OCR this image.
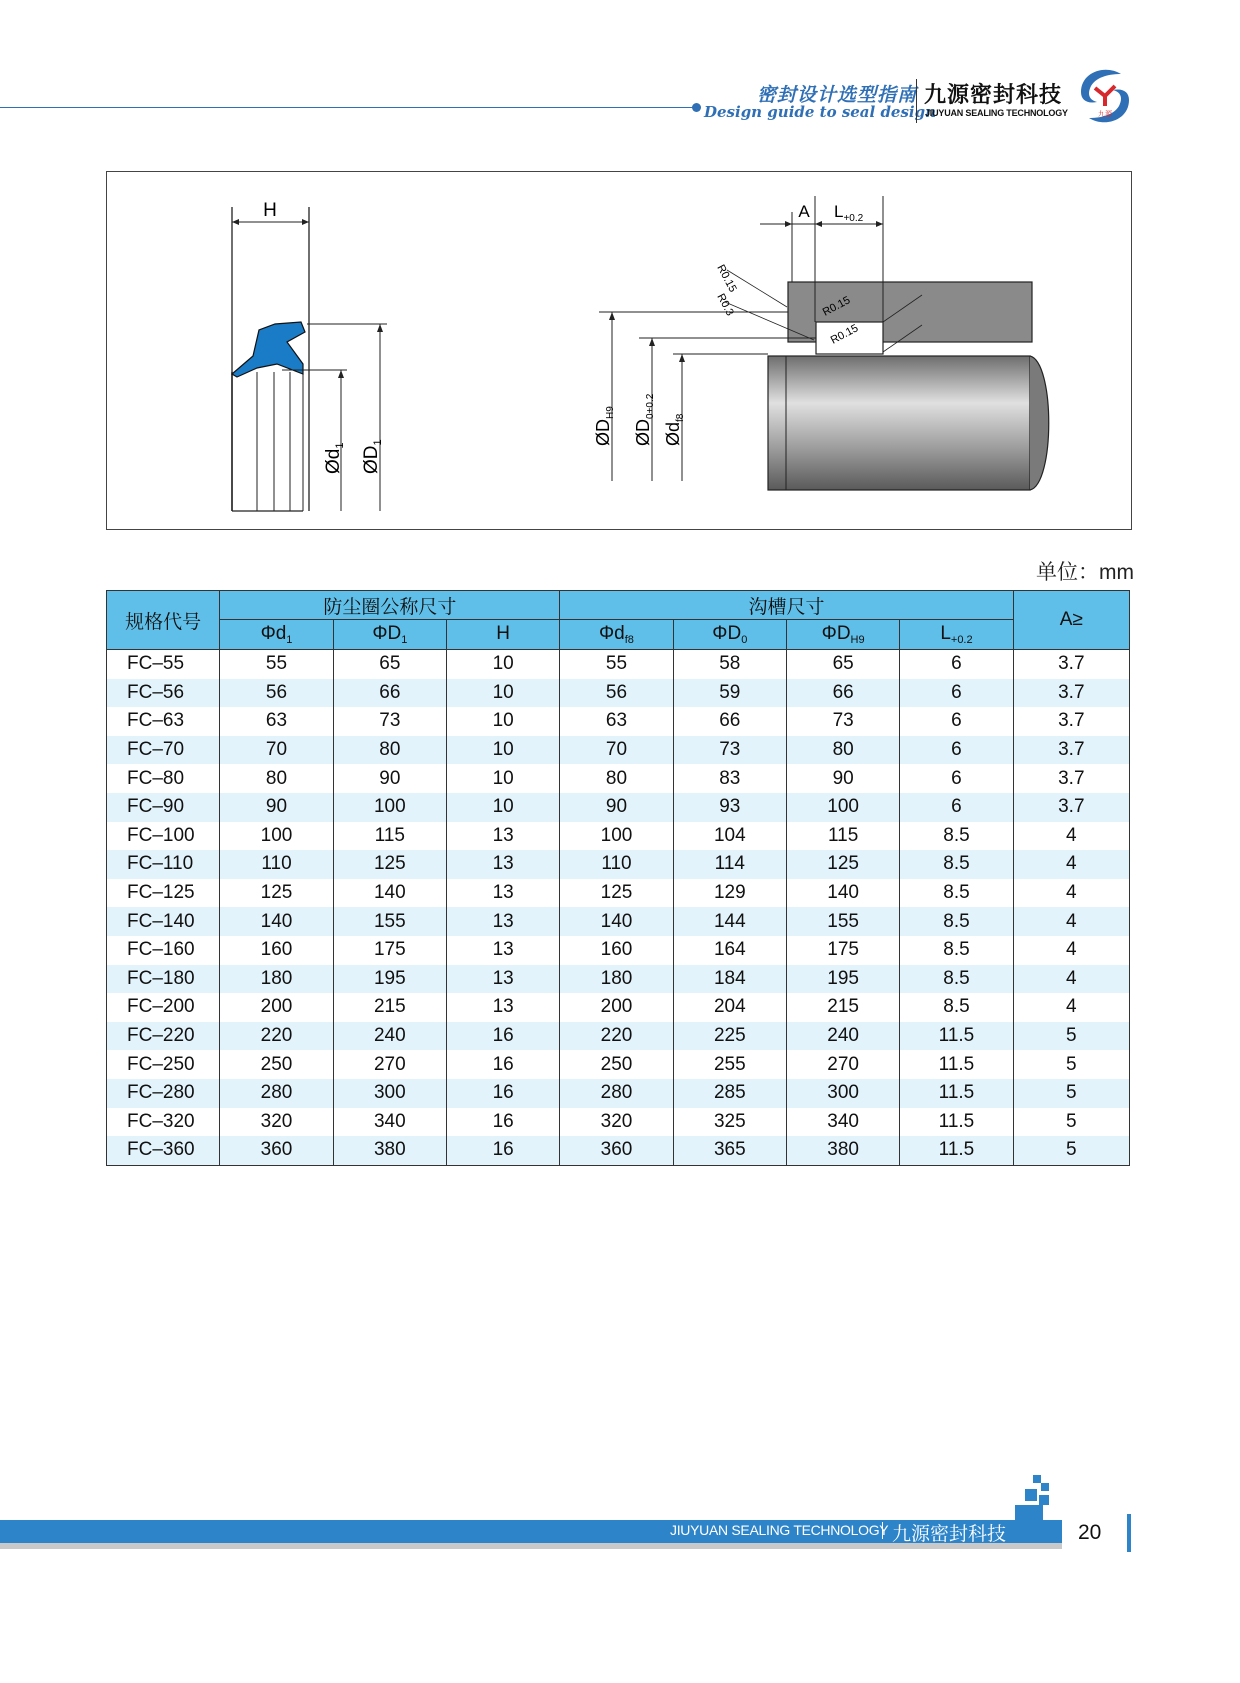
密封设计选型指南
Design guide to seal design
九源密封科技
JIUYUAN SEALING TECHNOLOGY	九源
H
$Ød_1$ $ØD_1$
A $L_{+0.2}$
R0.15
R0.3	R0.15
R0.15
$ØD_{H9}$
$ØD_{0+0.2}$
$Ød_{f8}$
单位：mm
规格代号	防尘圈公称尺寸			沟槽尺寸				A≥
	$\Phi d_1$	$\Phi D_1$	H	$\Phi d_{f8}$	$\Phi D_0$	$\Phi D_{H9}$	$L_{+0.2}$
FC–55	55	65	10	55	58	65	6	3.7
FC–56	56	66	10	56	59	66	6	3.7
FC–63	63	73	10	63	66	73	6	3.7
FC–70	70	80	10	70	73	80	6	3.7
FC–80	80	90	10	80	83	90	6	3.7
FC–90	90	100	10	90	93	100	6	3.7
FC–100	100	115	13	100	104	115	8.5	4
FC–110	110	125	13	110	114	125	8.5	4
FC–125	125	140	13	125	129	140	8.5	4
FC–140	140	155	13	140	144	155	8.5	4
FC–160	160	175	13	160	164	175	8.5	4
FC–180	180	195	13	180	184	195	8.5	4
FC–200	200	215	13	200	204	215	8.5	4
FC–220	220	240	16	220	225	240	11.5	5
FC–250	250	270	16	250	255	270	11.5	5
FC–280	280	300	16	280	285	300	11.5	5
FC–320	320	340	16	320	325	340	11.5	5
FC–360	360	380	16	360	365	380	11.5	5
JIUYUAN SEALING TECHNOLOGY 九源密封科技	20
